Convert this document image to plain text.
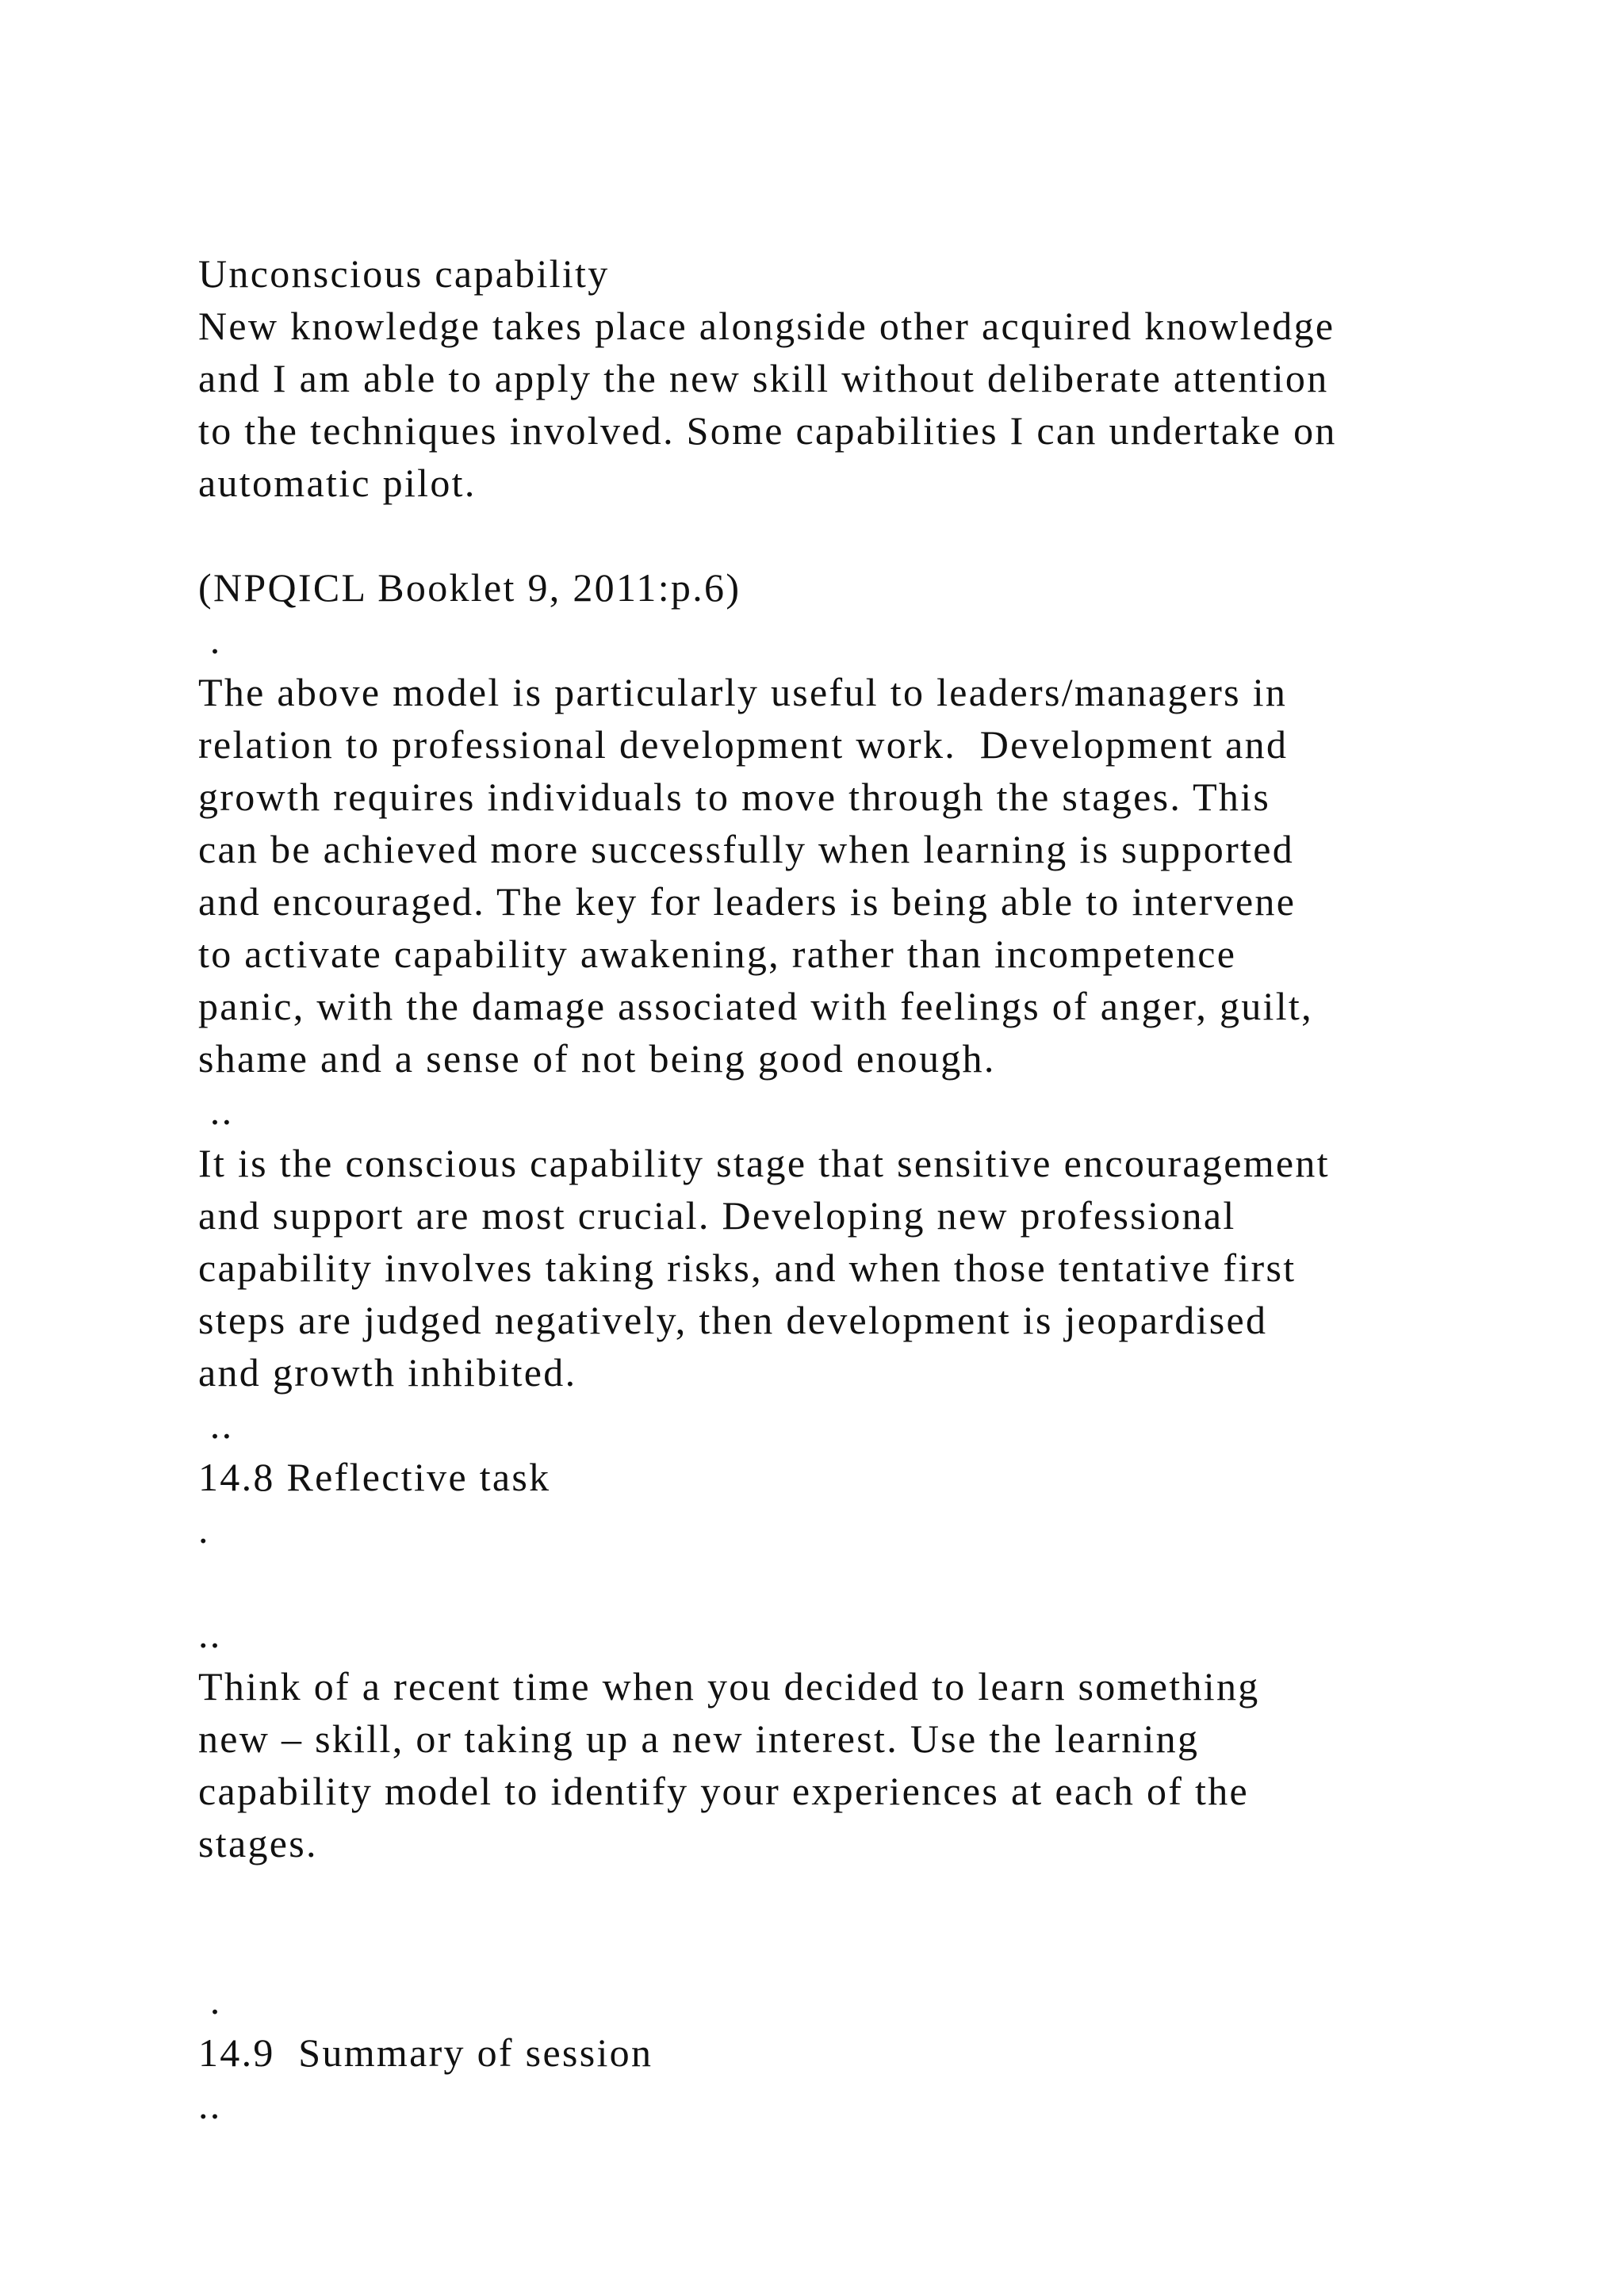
Unconscious capability
New knowledge takes place alongside other acquired knowledge
and I am able to apply the new skill without deliberate attention
to the techniques involved. Some capabilities I can undertake on
automatic pilot.
(NPQICL Booklet 9, 2011:p.6)
.
The above model is particularly useful to leaders/managers in
relation to professional development work.  Development and
growth requires individuals to move through the stages. This
can be achieved more successfully when learning is supported
and encouraged. The key for leaders is being able to intervene
to activate capability awakening, rather than incompetence
panic, with the damage associated with feelings of anger, guilt,
shame and a sense of not being good enough.
..
It is the conscious capability stage that sensitive encouragement
and support are most crucial. Developing new professional
capability involves taking risks, and when those tentative first
steps are judged negatively, then development is jeopardised
and growth inhibited.
..
14.8 Reflective task
.
..
Think of a recent time when you decided to learn something
new – skill, or taking up a new interest. Use the learning
capability model to identify your experiences at each of the
stages.
.
14.9  Summary of session
..
